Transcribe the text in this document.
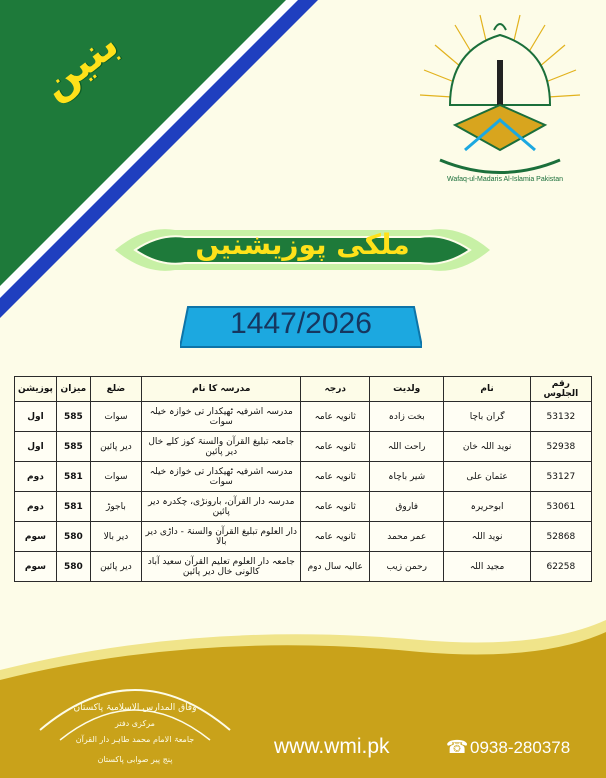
بنین
Wafaq-ul-Madaris Al-Islamia Pakistan
ملکی پوزیشنیں
1447/2026
رقم الجلوس	نام	ولدیت	درجہ	مدرسہ کا نام	ضلع	میزان	پوزیشن
53132	گران باچا	بخت زادہ	ثانویہ عامہ	مدرسہ اشرفیہ ٹھیکدار تی خوازہ خیلہ سوات	سوات	585	اول
52938	نوید اللہ خان	راحت اللہ	ثانویہ عامہ	جامعہ تبلیغ القرآن والسنۃ کوز کلے خال دیر پائین	دیر پائین	585	اول
53127	عثمان علی	شیر باچاہ	ثانویہ عامہ	مدرسہ اشرفیہ ٹھیکدار تی خوازہ خیلہ سوات	سوات	581	دوم
53061	ابوحریرہ	فاروق	ثانویہ عامہ	مدرسہ دار القرآن، بارونڑی، چکدرہ دیر پائین	باجوڑ	581	دوم
52868	نوید اللہ	عمر محمد	ثانویہ عامہ	دار العلوم تبلیغ القرآن والسنۃ - داڑی دیر بالا	دیر بالا	580	سوم
62258	مجید اللہ	رحمن زیب	عالیہ سال دوم	جامعہ دار العلوم تعلیم القرآن سعید آباد کالونی خال دیر پائین	دیر پائین	580	سوم
وفاق المدارس الاسلامیۃ پاکستان
مرکزی دفتر
جامعۃ الامام محمد طاہر دار القرآن
پنج پیر صوابی پاکستان
www.wmi.pk	☎ 0938-280378
